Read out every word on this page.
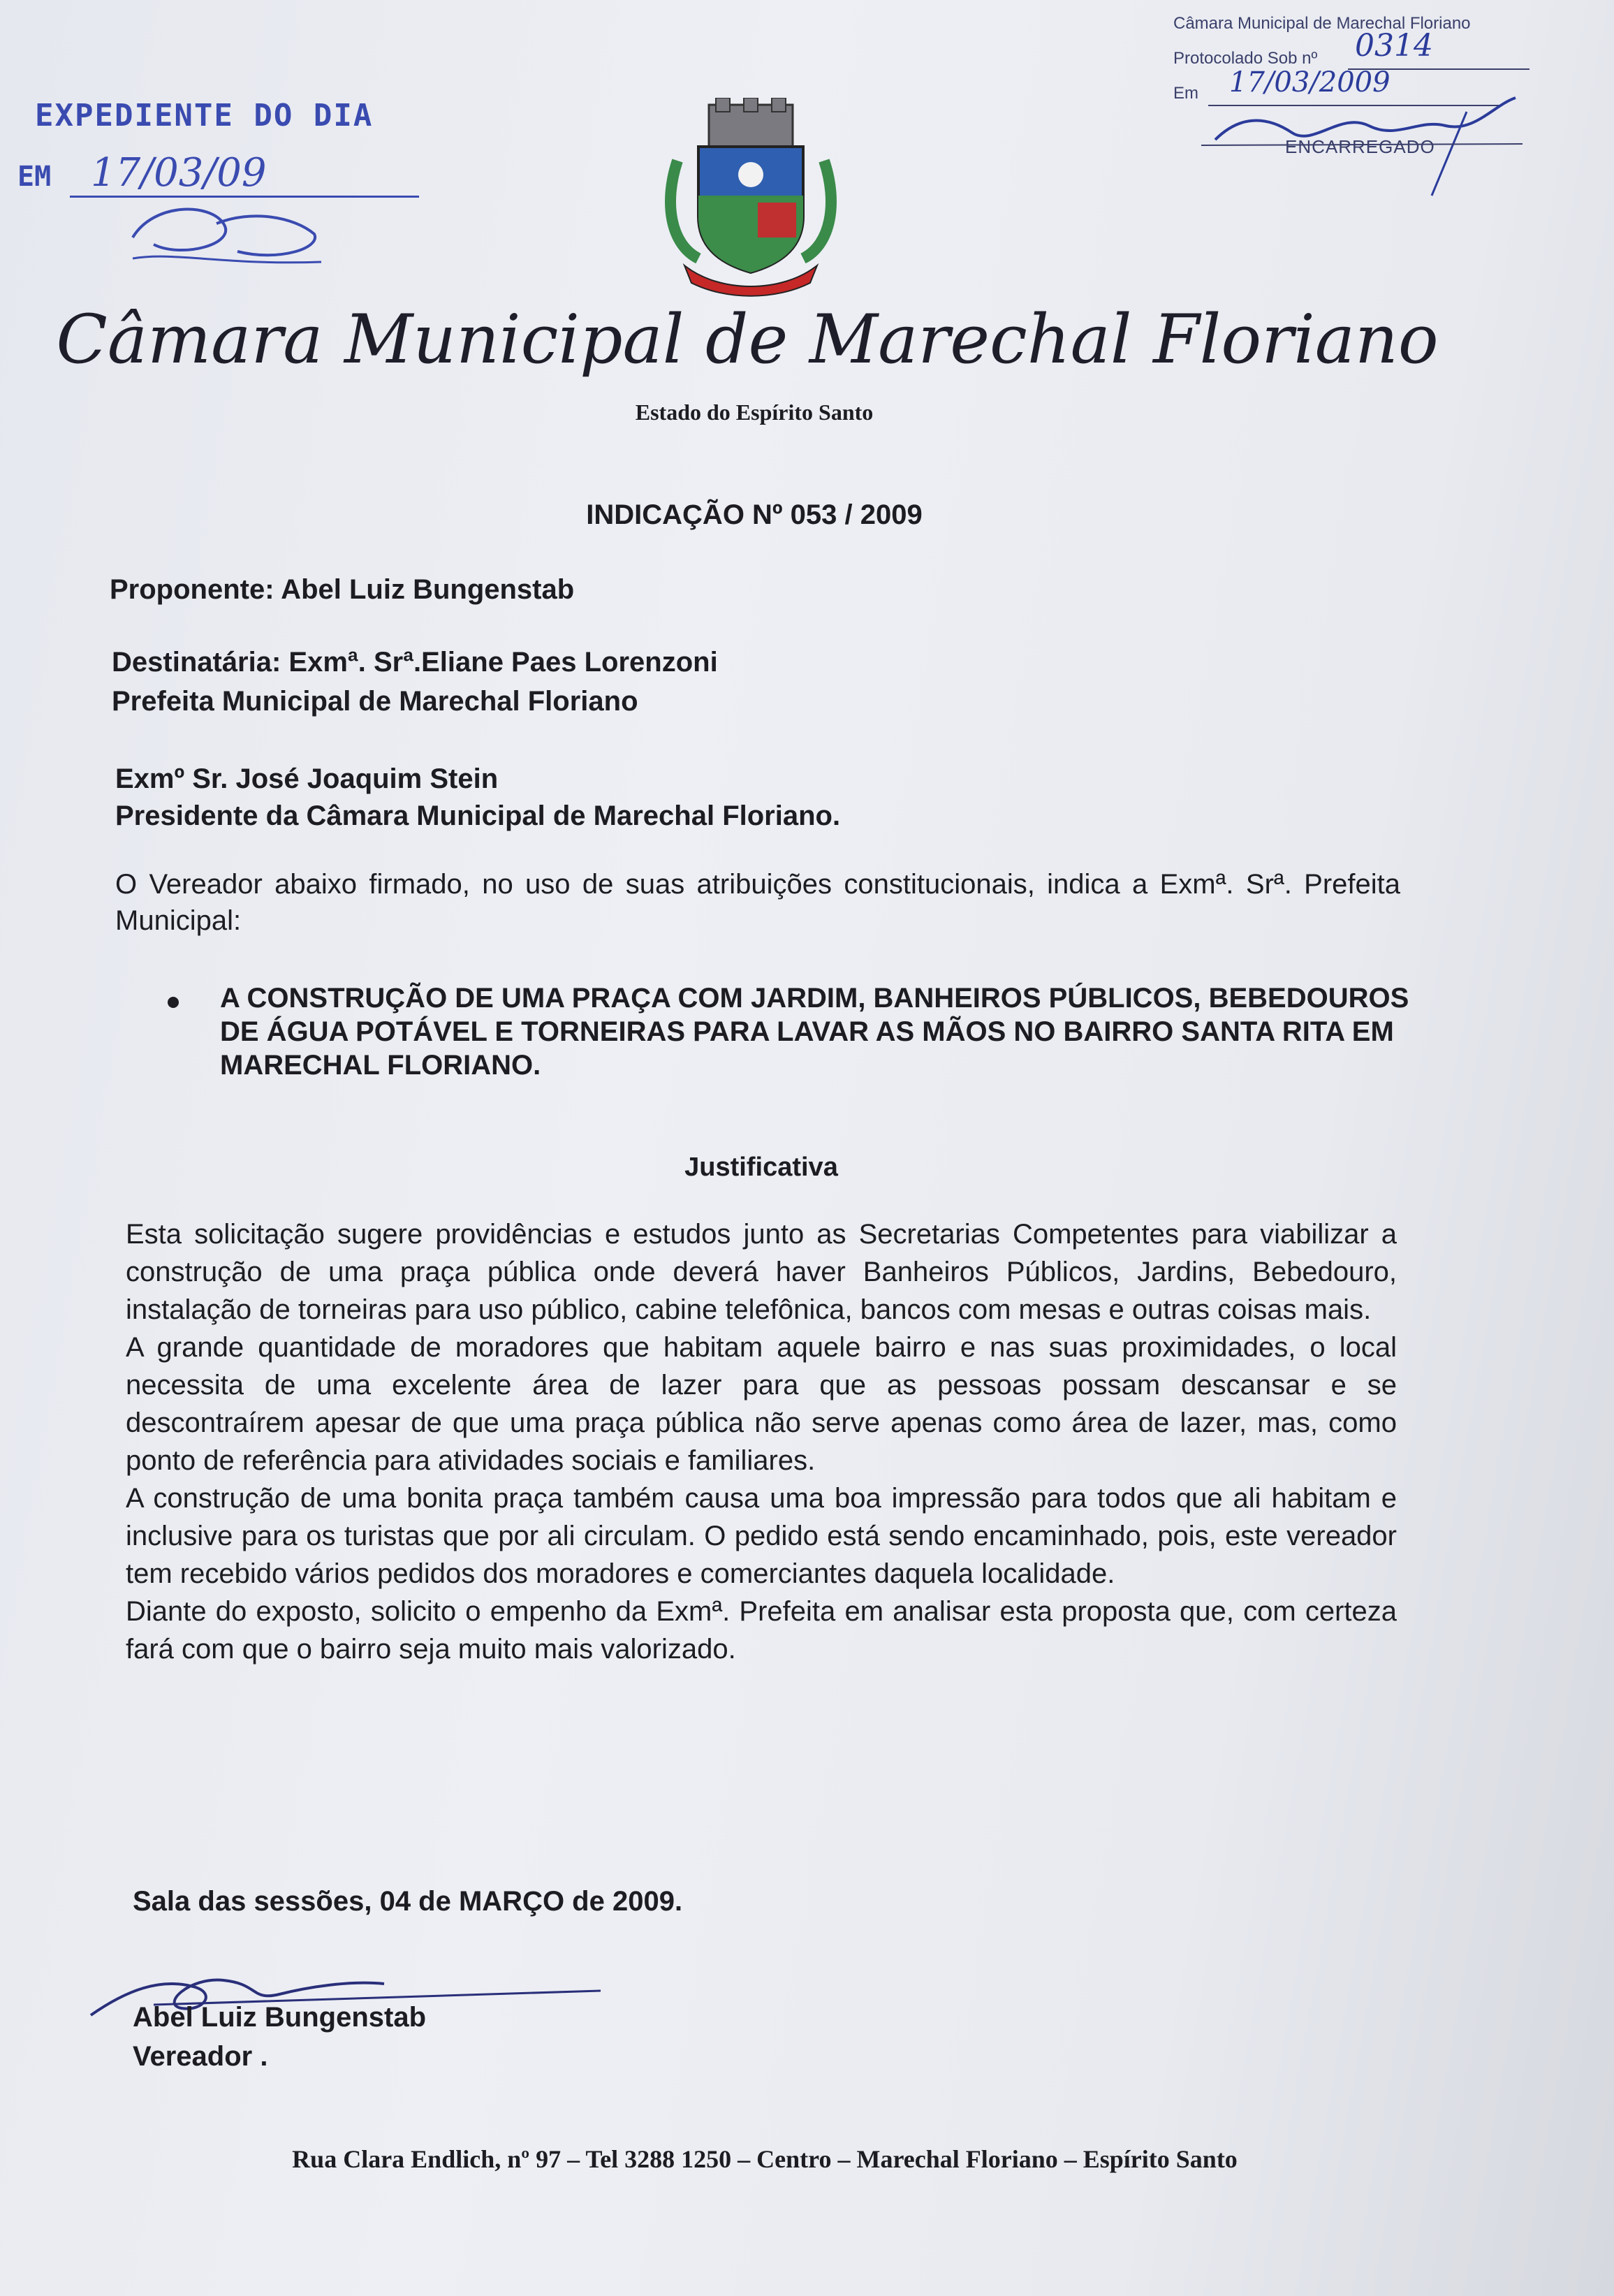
EXPEDIENTE DO DIA
EM 17/03/09
Câmara Municipal de Marechal Floriano
Protocolado Sob nº 0314
Em 17/03/2009
ENCARREGADO
Câmara Municipal de Marechal Floriano
Estado do Espírito Santo
INDICAÇÃO Nº 053 / 2009
Proponente: Abel Luiz Bungenstab
Destinatária: Exmª. Srª.Eliane Paes Lorenzoni
Prefeita Municipal de Marechal Floriano
Exmº Sr. José Joaquim Stein
Presidente da Câmara Municipal de Marechal Floriano.
O Vereador abaixo firmado, no uso de suas atribuições constitucionais, indica a Exmª. Srª. Prefeita Municipal:
A CONSTRUÇÃO DE UMA PRAÇA COM JARDIM, BANHEIROS PÚBLICOS, BEBEDOUROS DE ÁGUA POTÁVEL E TORNEIRAS PARA LAVAR AS MÃOS NO BAIRRO SANTA RITA EM MARECHAL FLORIANO.
Justificativa

Esta solicitação sugere providências e estudos junto as Secretarias Competentes para viabilizar a construção de uma praça pública onde deverá haver Banheiros Públicos, Jardins, Bebedouro, instalação de torneiras para uso público, cabine telefônica, bancos com mesas e outras coisas mais.

A grande quantidade de moradores que habitam aquele bairro e nas suas proximidades, o local necessita de uma excelente área de lazer para que as pessoas possam descansar e se descontraírem apesar de que uma praça pública não serve apenas como área de lazer, mas, como ponto de referência para atividades sociais e familiares.

A construção de uma bonita praça também causa uma boa impressão para todos que ali habitam e inclusive para os turistas que por ali circulam. O pedido está sendo encaminhado, pois, este vereador tem recebido vários pedidos dos moradores e comerciantes daquela localidade.

Diante do exposto, solicito o empenho da Exmª. Prefeita em analisar esta proposta que, com certeza fará com que o bairro seja muito mais valorizado.

Sala das sessões, 04 de MARÇO de 2009.
Abel Luiz Bungenstab
Vereador .
Rua Clara Endlich, nº 97 – Tel 3288 1250 – Centro – Marechal Floriano – Espírito Santo
